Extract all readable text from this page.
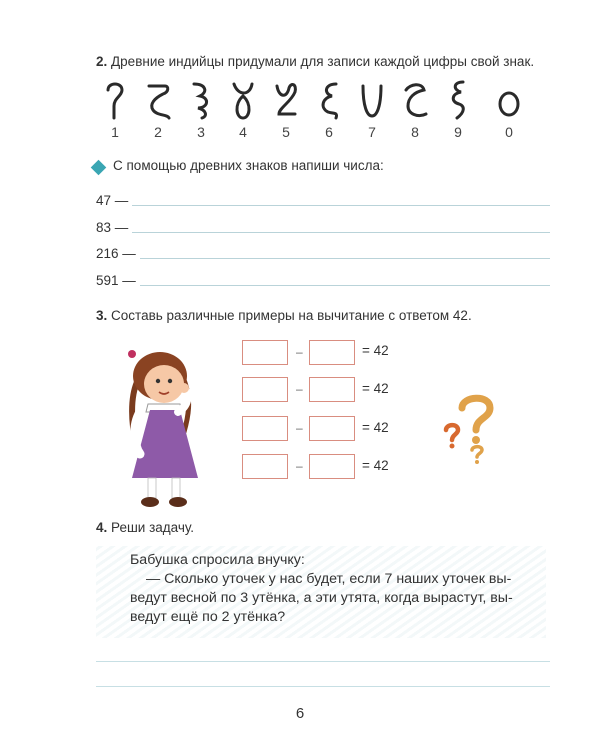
2. Древние индийцы придумали для записи каждой цифры свой знак.
1	2	3	4	5	6	7	8	9	0
С помощью древних знаков напиши числа:
47 —
83 —
216 —
591 —
3. Составь различные примеры на вычитание с ответом 42.
–	= 42
–	= 42
–	= 42
–	= 42
4. Реши задачу.

Бабушка спросила внучку:

— Сколько уточек у нас будет, если 7 наших уточек вы-

ведут весной по 3 утёнка, а эти утята, когда вырастут, вы-

ведут ещё по 2 утёнка?

6
